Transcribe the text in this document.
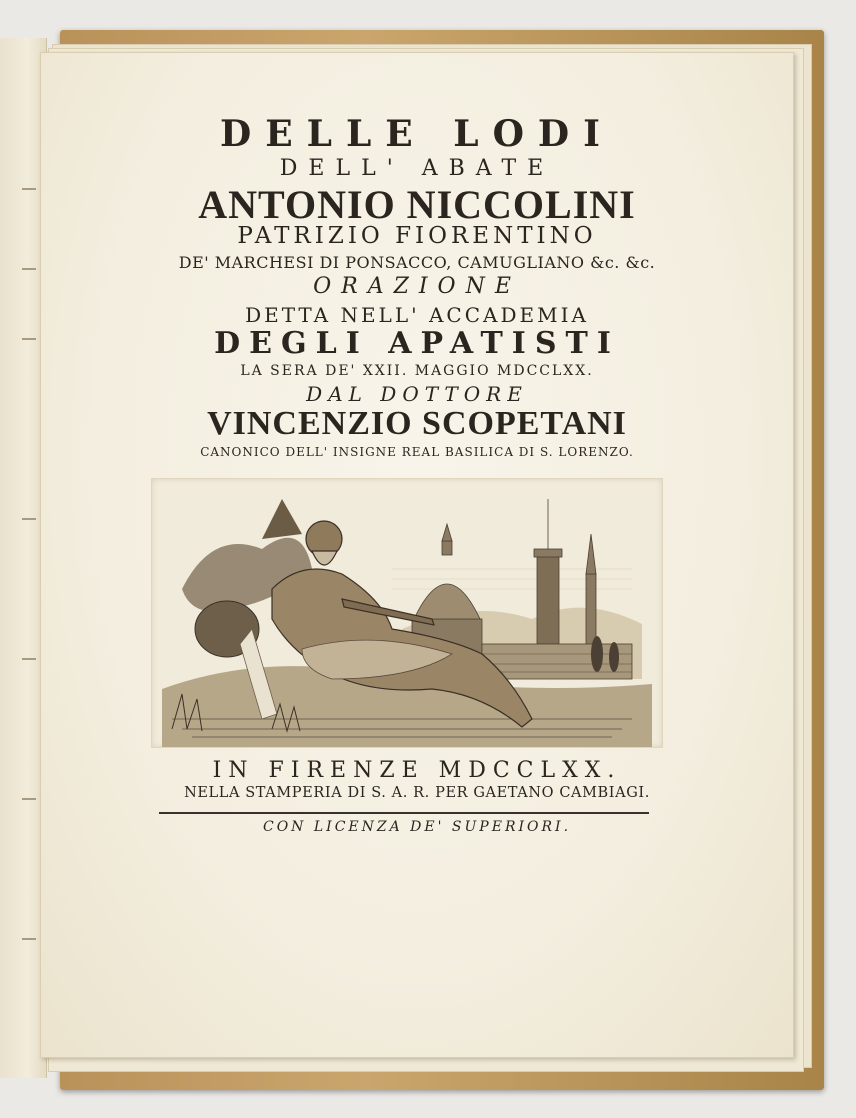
DELLE LODI
DELL' ABATE
ANTONIO NICCOLINI
PATRIZIO FIORENTINO
DE' MARCHESI DI PONSACCO, CAMUGLIANO &c. &c.
ORAZIONE
DETTA NELL' ACCADEMIA
DEGLI APATISTI
LA SERA DE' XXII. MAGGIO MDCCLXX.
DAL DOTTORE
VINCENZIO SCOPETANI
CANONICO DELL' INSIGNE REAL BASILICA DI S. LORENZO.
IN FIRENZE MDCCLXX.
NELLA STAMPERIA DI S. A. R. PER GAETANO CAMBIAGI.
CON LICENZA DE' SUPERIORI.
